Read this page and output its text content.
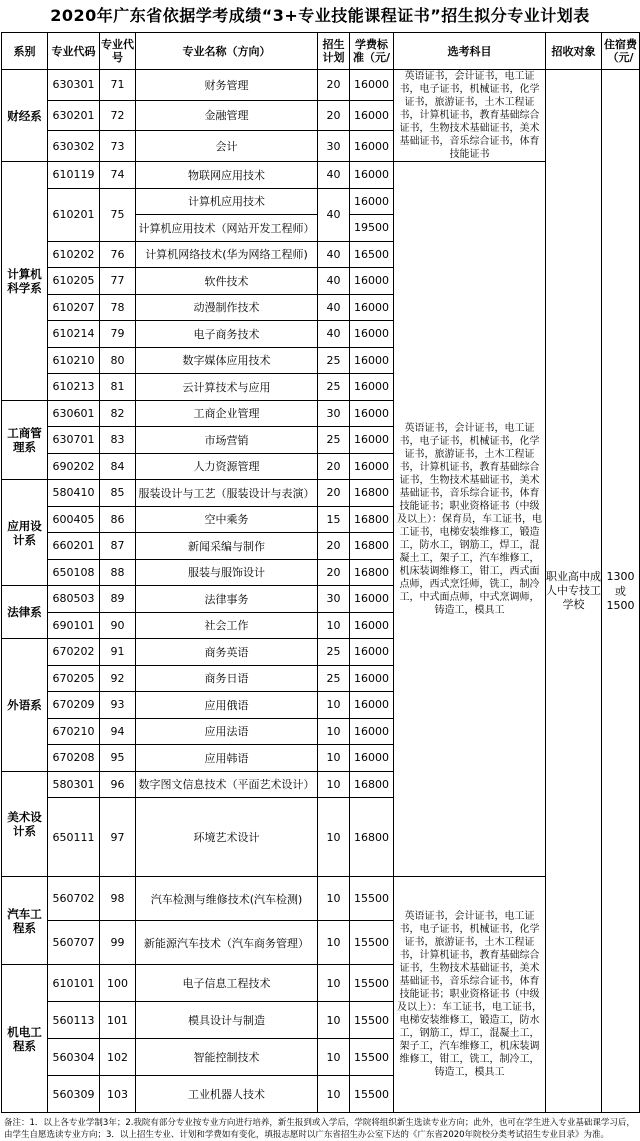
2020年广东省依据学考成绩“3+专业技能课程证书”招生拟分专业计划表
系别	专业代码	专业代号	专业名称（方向）	招生计划	学费标准（元/	选考科目	招收对象	住宿费（元/	
财经系	630301	71	财务管理	20	16000	英语证书，会计证书，电工证书，电子证书，机械证书，化学证书，旅游证书，土木工程证书，计算机证书，教育基础综合证书，生物技术基础证书，美术基础证书，音乐综合证书，体育技能证书	职业高中成人中专技工学校	1300或1500	
	630201	72	金融管理	20	16000				
	630302	73	会计	30	16000				
计算机科学系	610119	74	物联网应用技术	40	16000	英语证书，会计证书，电工证书，电子证书，机械证书，化学证书，旅游证书，土木工程证书，计算机证书，教育基础综合证书，生物技术基础证书，美术基础证书，音乐综合证书，体育技能证书；职业资格证书（中级及以上）：保育员，车工证书，电工证书，电梯安装维修工，锻造工，防水工，钢筋工，焊工，混凝土工，架子工，汽车维修工，机床装调维修工，钳工，西式面点师，西式烹饪师，铣工，制冷工，中式面点师，中式烹调师，铸造工，模具工			
	610201	75	计算机应用技术	40	16000				
			计算机应用技术（网站开发工程师）		19500				
	610202	76	计算机网络技术(华为网络工程师)	40	16500				
	610205	77	软件技术	40	16000				
	610207	78	动漫制作技术	40	16000				
	610214	79	电子商务技术	40	16000				
	610210	80	数字媒体应用技术	25	16000				
	610213	81	云计算技术与应用	25	16000				
工商管理系	630601	82	工商企业管理	30	16000				
	630701	83	市场营销	25	16000				
	690202	84	人力资源管理	20	16000				
应用设计系	580410	85	服装设计与工艺（服装设计与表演）	20	16800				
	600405	86	空中乘务	15	16800				
	660201	87	新闻采编与制作	20	16800				
	650108	88	服装与服饰设计	20	16800				
法律系	680503	89	法律事务	30	16000				
	690101	90	社会工作	10	16000				
外语系	670202	91	商务英语	25	16000				
	670205	92	商务日语	25	16000				
	670209	93	应用俄语	10	16000				
	670210	94	应用法语	10	16000				
	670208	95	应用韩语	10	16000				
美术设计系	580301	96	数字图文信息技术（平面艺术设计）	10	16800				
	650111	97	环境艺术设计	10	16800	
汽车工程系	560702	98	汽车检测与维修技术(汽车检测)	10	15500	英语证书，会计证书，电工证书，电子证书，机械证书，化学证书，旅游证书，土木工程证书，计算机证书，教育基础综合证书，生物技术基础证书，美术基础证书，音乐综合证书，体育技能证书；职业资格证书（中级及以上）：车工证书，电工证书，电梯安装维修工，锻造工，防水工，钢筋工，焊工，混凝土工，架子工，汽车维修工，机床装调维修工，钳工，铣工，制冷工，铸造工，模具工			
	560707	99	新能源汽车技术（汽车商务管理）	10	15500				
机电工程系	610101	100	电子信息工程技术	10	15500				
	560113	101	模具设计与制造	10	15500				
	560304	102	智能控制技术	10	15500				
	560309	103	工业机器人技术	10	15500				
备注：1．以上各专业学制3年；2.我院有部分专业按专业方向进行培养，新生报到或入学后，学院将组织新生选读专业方向；此外，也可在学生进入专业基础课学习后，由学生自愿选读专业方向；3．以上招生专业、计划和学费如有变化，填报志愿时以广东省招生办公室下达的《广东省2020年院校分类考试招生专业目录》为准。
